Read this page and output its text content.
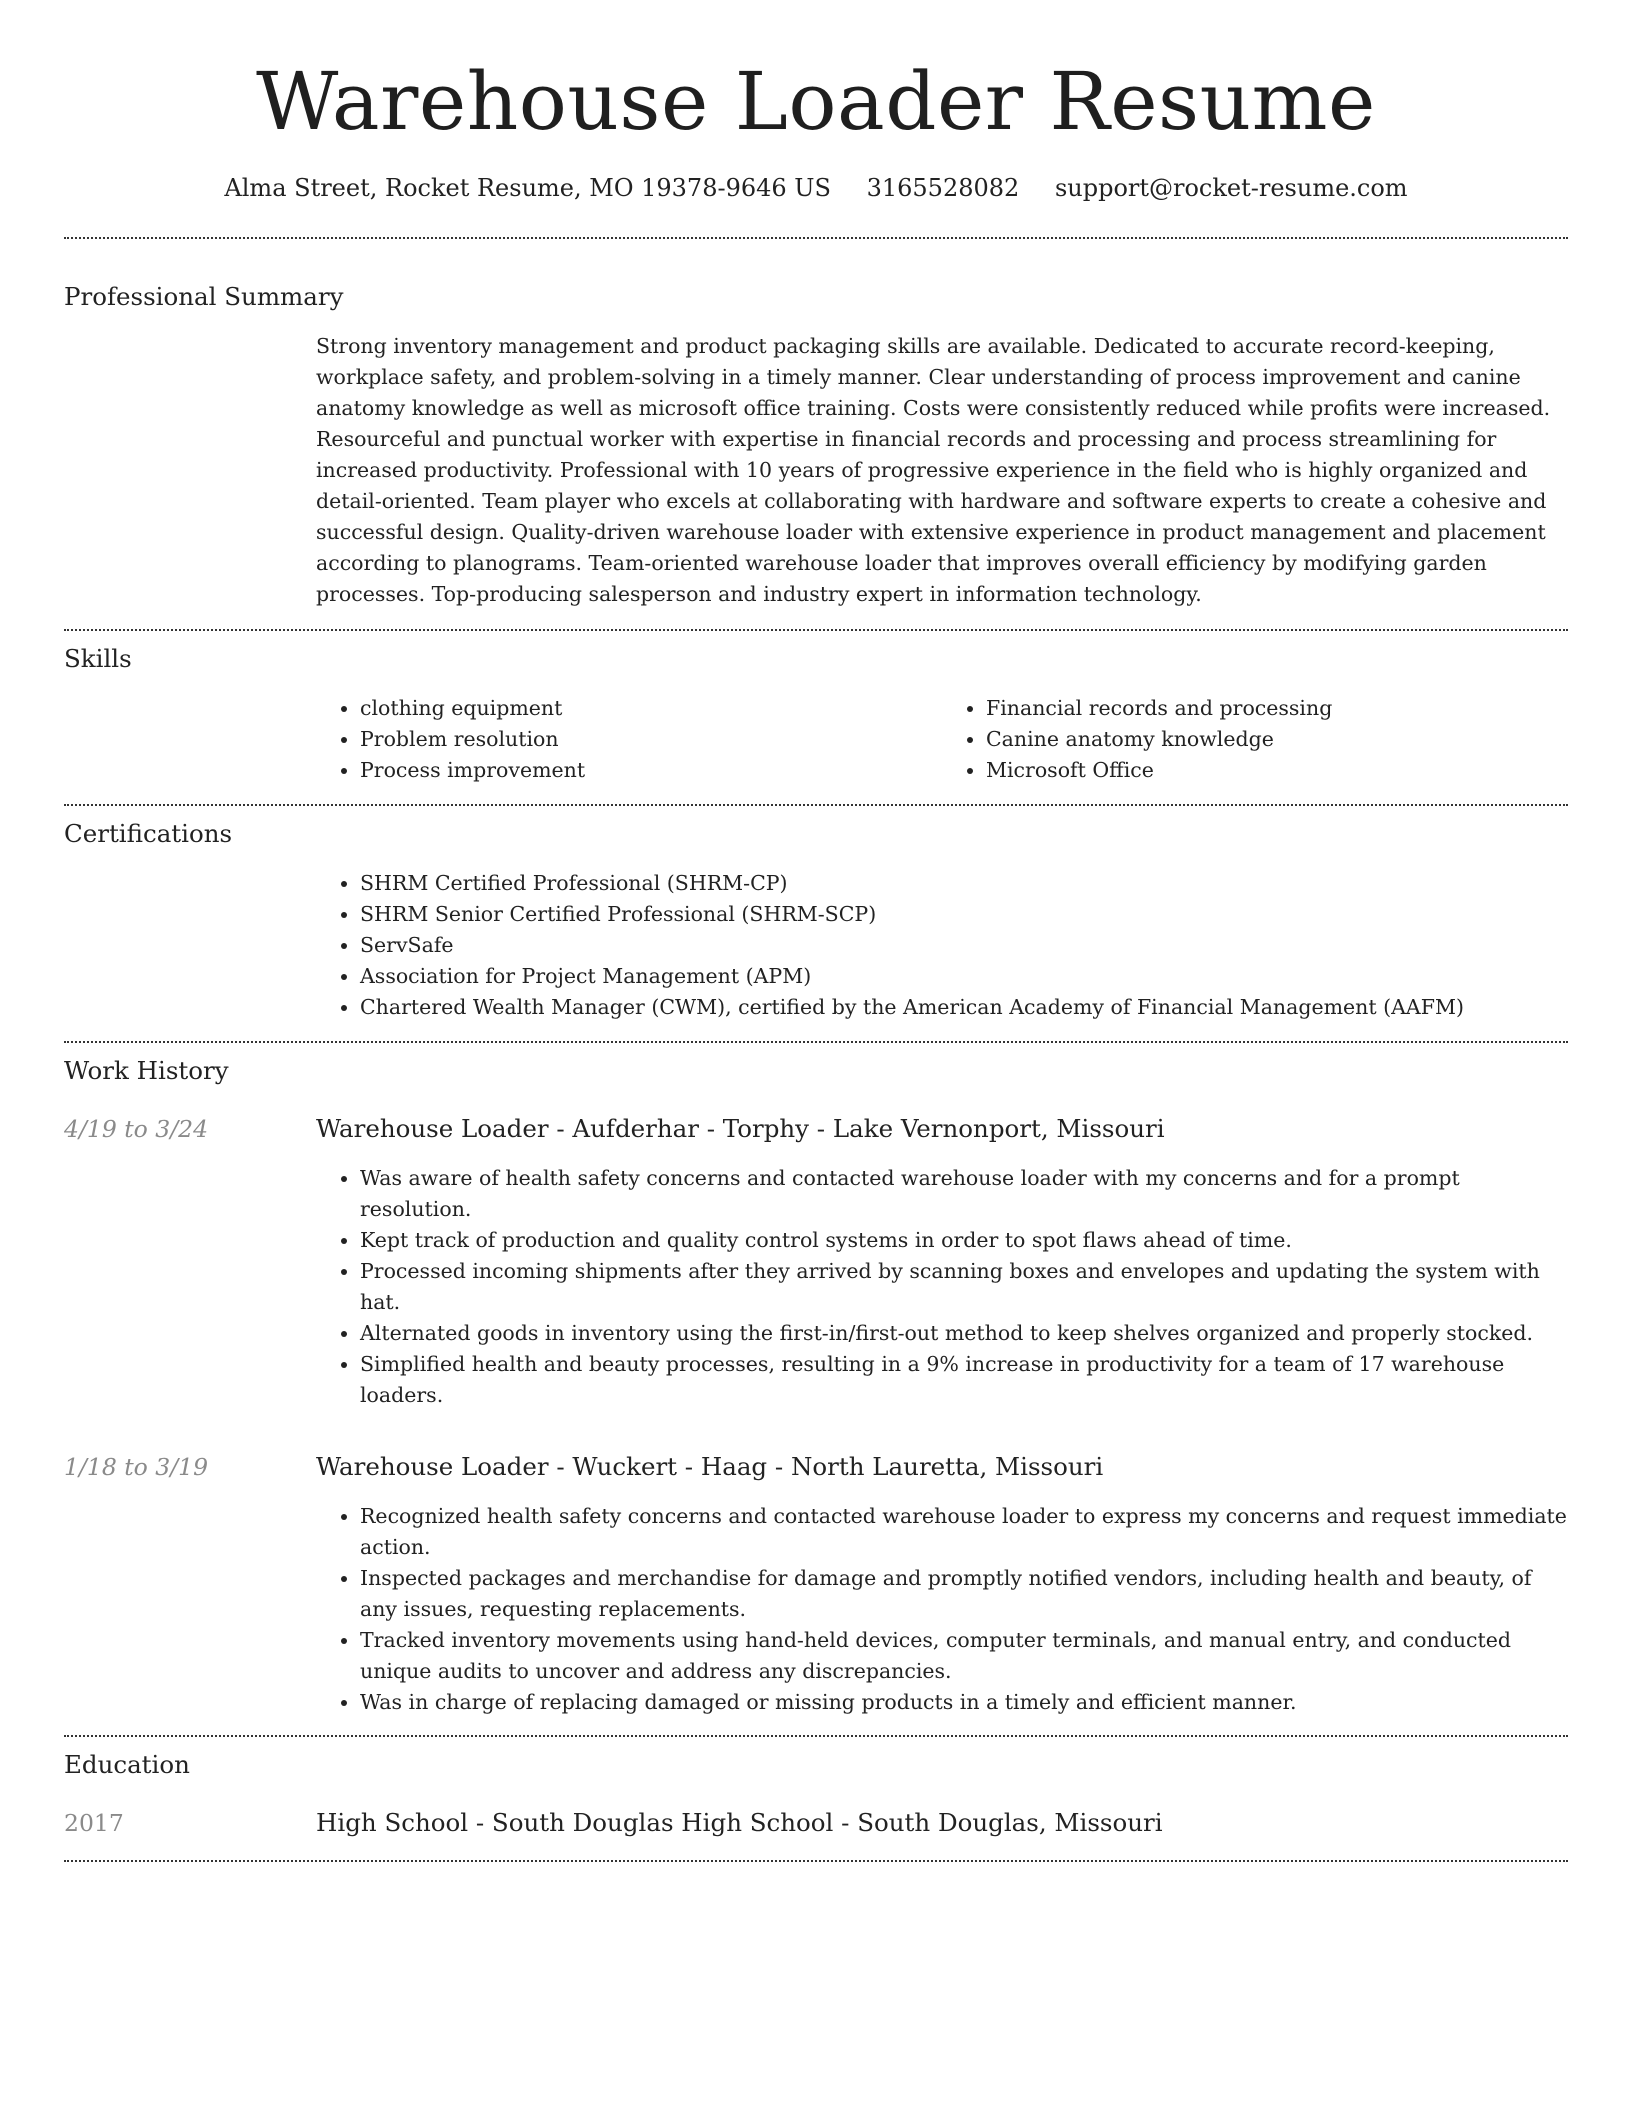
Warehouse Loader Resume
Alma Street, Rocket Resume, MO 19378-9646 US 3165528082 support@rocket-resume.com
Professional Summary

Strong inventory management and product packaging skills are available. Dedicated to accurate record-keeping, workplace safety, and problem-solving in a timely manner. Clear understanding of process improvement and canine anatomy knowledge as well as microsoft office training. Costs were consistently reduced while profits were increased. Resourceful and punctual worker with expertise in financial records and processing and process streamlining for increased productivity. Professional with 10 years of progressive experience in the field who is highly organized and detail-oriented. Team player who excels at collaborating with hardware and software experts to create a cohesive and successful design. Quality-driven warehouse loader with extensive experience in product management and placement according to planograms. Team-oriented warehouse loader that improves overall efficiency by modifying garden processes. Top-producing salesperson and industry expert in information technology.

Skills
• clothing equipment
• Problem resolution
• Process improvement
• Financial records and processing
• Canine anatomy knowledge
• Microsoft Office
Certifications
• SHRM Certified Professional (SHRM-CP)
• SHRM Senior Certified Professional (SHRM-SCP)
• ServSafe
• Association for Project Management (APM)
• Chartered Wealth Manager (CWM), certified by the American Academy of Financial Management (AAFM)
Work History
4/19 to 3/24	Warehouse Loader - Aufderhar - Torphy - Lake Vernonport, Missouri
• Was aware of health safety concerns and contacted warehouse loader with my concerns and for a prompt resolution.
• Kept track of production and quality control systems in order to spot flaws ahead of time.
• Processed incoming shipments after they arrived by scanning boxes and envelopes and updating the system with hat.
• Alternated goods in inventory using the first-in/first-out method to keep shelves organized and properly stocked.
• Simplified health and beauty processes, resulting in a 9% increase in productivity for a team of 17 warehouse loaders.
1/18 to 3/19	Warehouse Loader - Wuckert - Haag - North Lauretta, Missouri
• Recognized health safety concerns and contacted warehouse loader to express my concerns and request immediate action.
• Inspected packages and merchandise for damage and promptly notified vendors, including health and beauty, of any issues, requesting replacements.
• Tracked inventory movements using hand-held devices, computer terminals, and manual entry, and conducted unique audits to uncover and address any discrepancies.
• Was in charge of replacing damaged or missing products in a timely and efficient manner.
Education
2017	High School - South Douglas High School - South Douglas, Missouri
